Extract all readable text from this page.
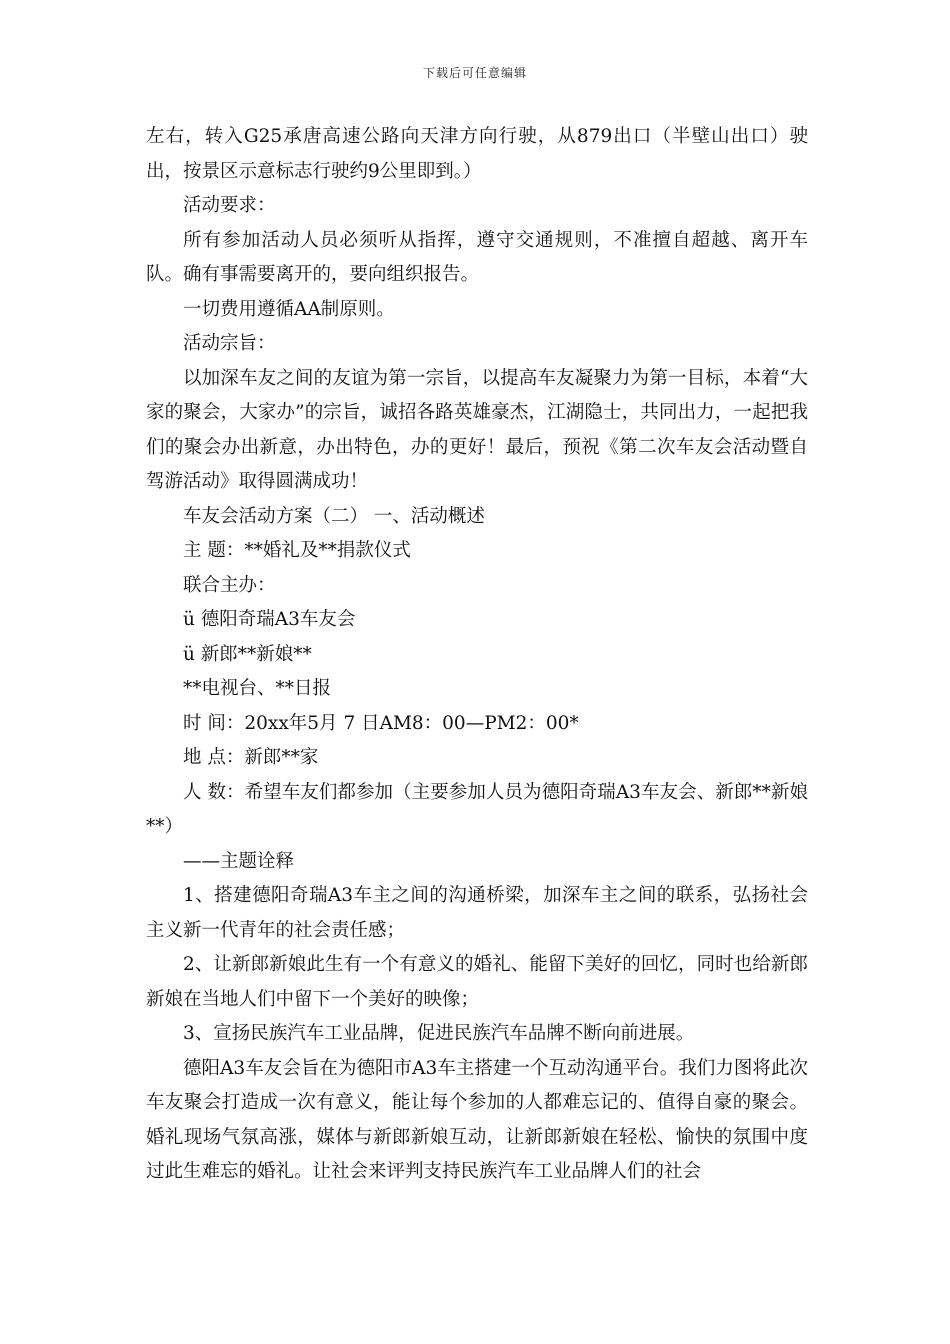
下载后可任意编辑

左右，转入G25承唐高速公路向天津方向行驶，从879出口（半壁山出口）驶出，按景区示意标志行驶约9公里即到。）

活动要求：

所有参加活动人员必须听从指挥，遵守交通规则，不准擅自超越、离开车队。确有事需要离开的，要向组织报告。

一切费用遵循AA制原则。

活动宗旨：

以加深车友之间的友谊为第一宗旨，以提高车友凝聚力为第一目标，本着“大家的聚会，大家办”的宗旨，诚招各路英雄豪杰，江湖隐士，共同出力，一起把我们的聚会办出新意，办出特色，办的更好！最后，预祝《第二次车友会活动暨自驾游活动》取得圆满成功！

车友会活动方案（二） 一、活动概述

主 题：**婚礼及**捐款仪式

联合主办：

ü 德阳奇瑞A3车友会

ü 新郎**新娘**

**电视台、**日报

时 间：20xx年5月 7 日AM8：00—PM2：00*

地 点：新郎**家

人 数：希望车友们都参加（主要参加人员为德阳奇瑞A3车友会、新郎**新娘**）

——主题诠释

1、搭建德阳奇瑞A3车主之间的沟通桥梁，加深车主之间的联系，弘扬社会主义新一代青年的社会责任感；

2、让新郎新娘此生有一个有意义的婚礼、能留下美好的回忆，同时也给新郎新娘在当地人们中留下一个美好的映像；

3、宣扬民族汽车工业品牌，促进民族汽车品牌不断向前进展。

德阳A3车友会旨在为德阳市A3车主搭建一个互动沟通平台。我们力图将此次车友聚会打造成一次有意义，能让每个参加的人都难忘记的、值得自豪的聚会。婚礼现场气氛高涨，媒体与新郎新娘互动，让新郎新娘在轻松、愉快的氛围中度过此生难忘的婚礼。让社会来评判支持民族汽车工业品牌人们的社会
